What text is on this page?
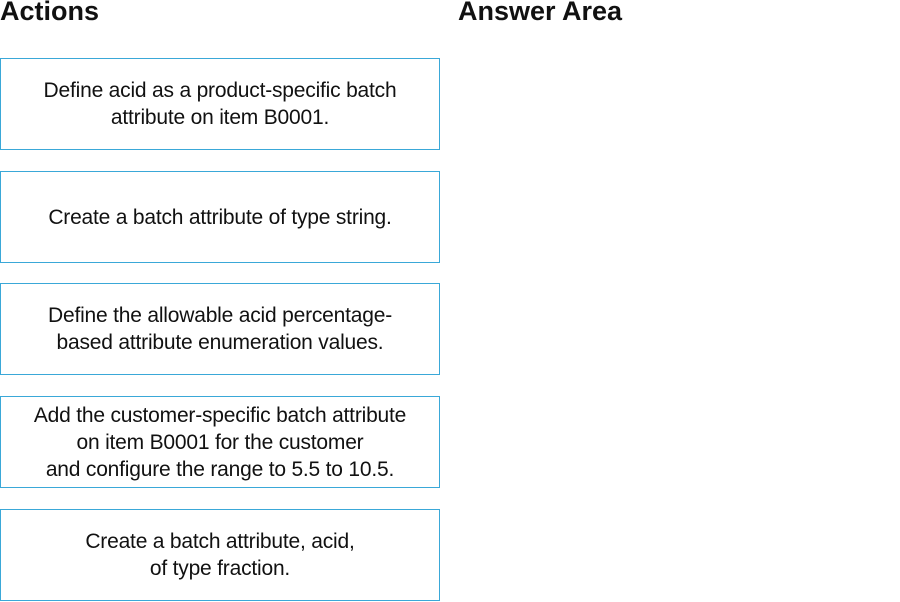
Actions	Answer Area
Define acid as a product-specific batch
attribute on item B0001.
Create a batch attribute of type string.
Define the allowable acid percentage-
based attribute enumeration values.
Add the customer-specific batch attribute
on item B0001 for the customer
and configure the range to 5.5 to 10.5.
Create a batch attribute, acid,
of type fraction.
